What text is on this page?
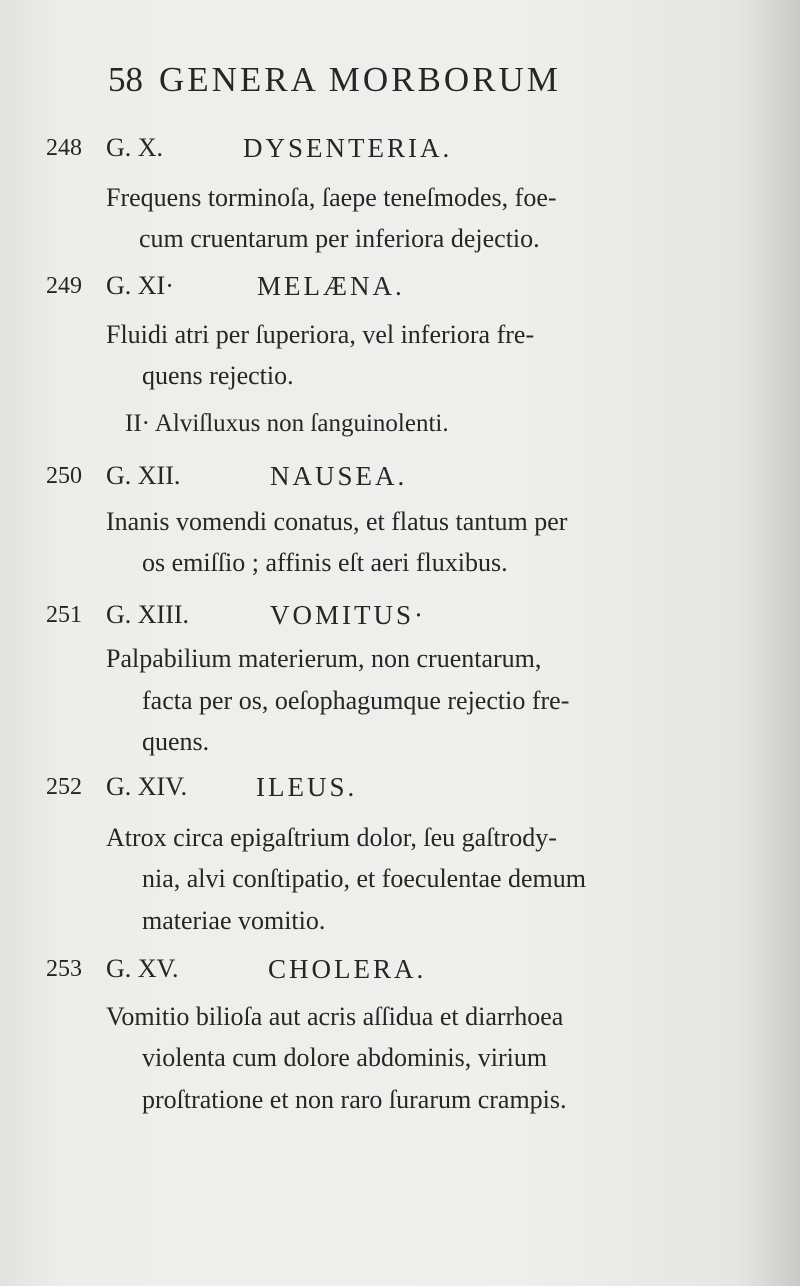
58 GENERA MORBORUM
248 G. X.	DYSENTERIA.
Frequens torminoſa, ſaepe teneſmodes, foe-
cum cruentarum per inferiora dejectio.
249 G. XI·	MELÆNA.
Fluidi atri per ſuperiora, vel inferiora fre-
quens rejectio.
II· Alviſluxus non ſanguinolenti.
250 G. XII.	NAUSEA.
Inanis vomendi conatus, et flatus tantum per
os emiſſio ; affinis eſt aeri fluxibus.
251 G. XIII.	VOMITUS·
Palpabilium materierum, non cruentarum,
facta per os, oeſophagumque rejectio fre-
quens.
252 G. XIV.	ILEUS.
Atrox circa epigaſtrium dolor, ſeu gaſtrody-
nia, alvi conſtipatio, et foeculentae demum
materiae vomitio.
253 G. XV.	CHOLERA.
Vomitio bilioſa aut acris aſſidua et diarrhoea
violenta cum dolore abdominis, virium
proſtratione et non raro ſurarum crampis.
